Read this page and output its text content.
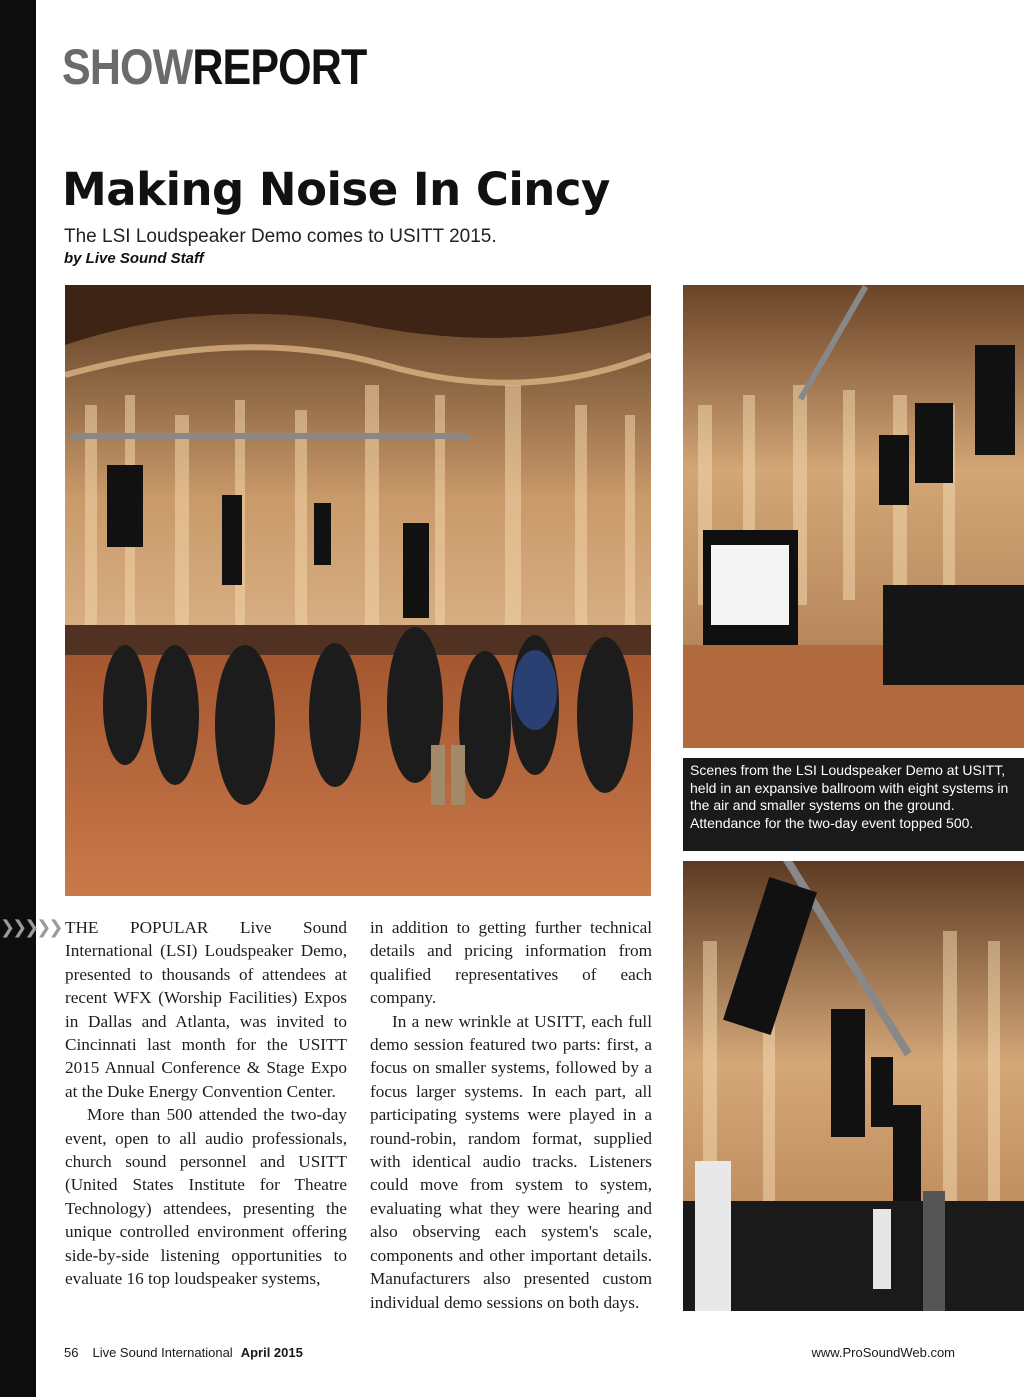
SHOWREPORT
Making Noise In Cincy
The LSI Loudspeaker Demo comes to USITT 2015.
by Live Sound Staff

Scenes from the LSI Loudspeaker Demo at USITT, held in an expansive ballroom with eight systems in the air and smaller systems on the ground. Attendance for the two-day event topped 500.

❯❯❯❯❯ THE POPULAR Live Sound International (LSI) Loudspeaker Demo, presented to thousands of attendees at recent WFX (Worship Facilities) Expos in Dallas and Atlanta, was invited to Cincinnati last month for the USITT 2015 Annual Conference & Stage Expo at the Duke Energy Convention Center.

More than 500 attended the two-day event, open to all audio professionals, church sound personnel and USITT (United States Institute for Theatre Technology) attendees, presenting the unique controlled environment offering side-by-side listening opportunities to evaluate 16 top loudspeaker systems,

in addition to getting further technical details and pricing information from qualified representatives of each company.

In a new wrinkle at USITT, each full demo session featured two parts: first, a focus on smaller systems, followed by a focus larger systems. In each part, all participating systems were played in a round-robin, random format, supplied with identical audio tracks. Listeners could move from system to system, evaluating what they were hearing and also observing each system's scale, components and other important details. Manufacturers also presented custom individual demo sessions on both days.

56 Live Sound International April 2015	www.ProSoundWeb.com
